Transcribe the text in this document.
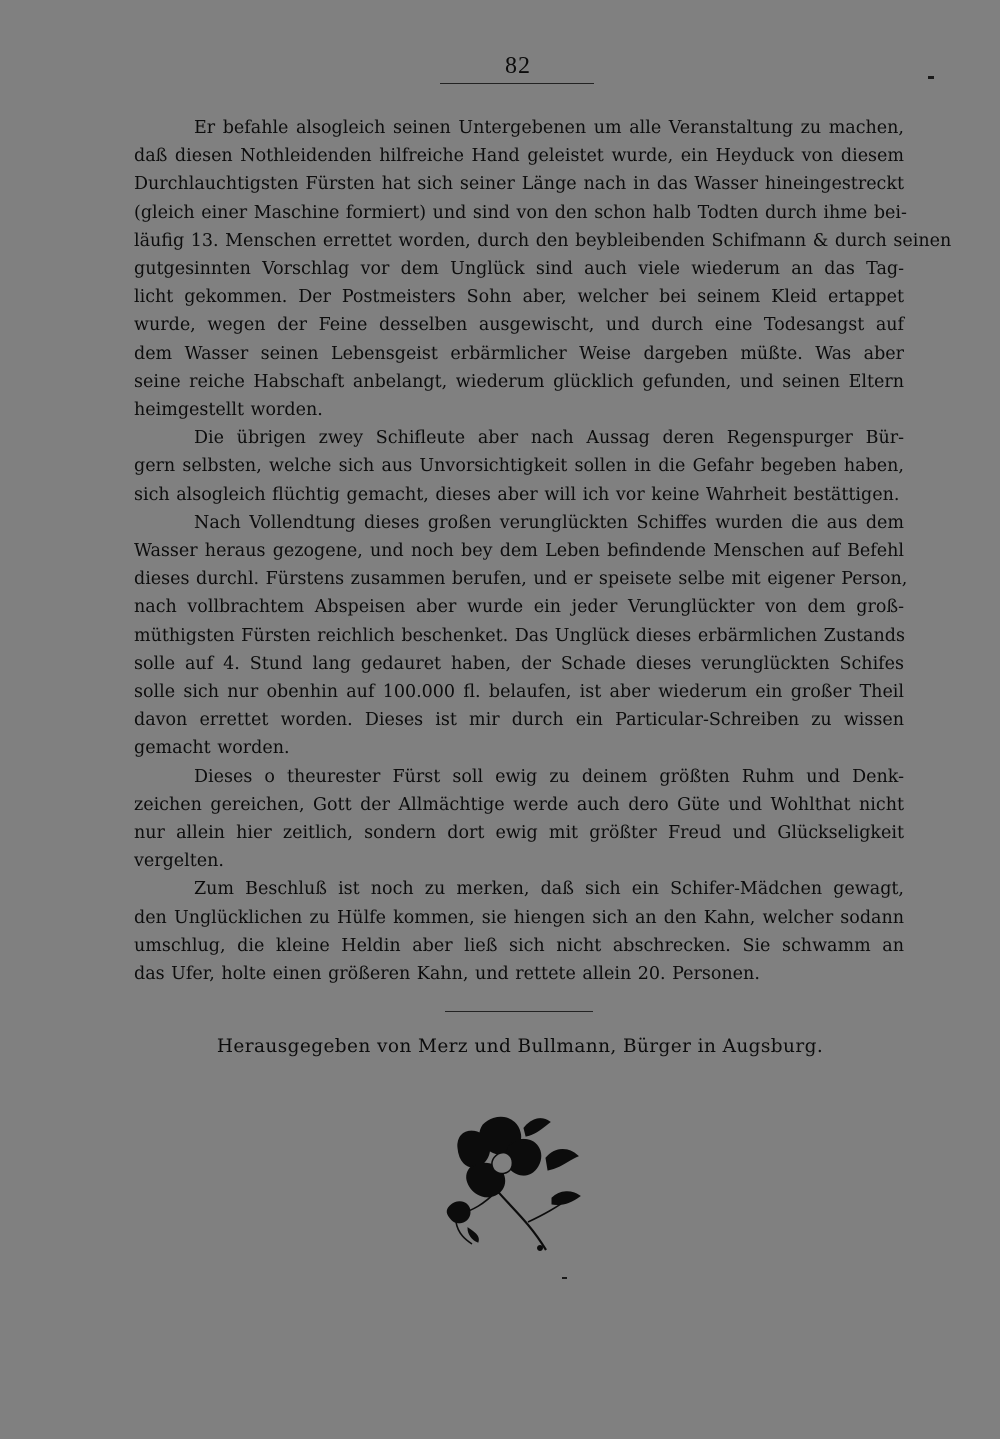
82
Er befahle alsogleich seinen Untergebenen um alle Veranstaltung zu machen,
daß diesen Nothleidenden hilfreiche Hand geleistet wurde, ein Heyduck von diesem
Durchlauchtigsten Fürsten hat sich seiner Länge nach in das Wasser hineingestreckt
(gleich einer Maschine formiert) und sind von den schon halb Todten durch ihme bei-
läufig 13. Menschen errettet worden, durch den beybleibenden Schifmann & durch seinen
gutgesinnten Vorschlag vor dem Unglück sind auch viele wiederum an das Tag-
licht gekommen. Der Postmeisters Sohn aber, welcher bei seinem Kleid ertappet
wurde, wegen der Feine desselben ausgewischt, und durch eine Todesangst auf
dem Wasser seinen Lebensgeist erbärmlicher Weise dargeben müßte. Was aber
seine reiche Habschaft anbelangt, wiederum glücklich gefunden, und seinen Eltern
heimgestellt worden.
Die übrigen zwey Schifleute aber nach Aussag deren Regenspurger Bür-
gern selbsten, welche sich aus Unvorsichtigkeit sollen in die Gefahr begeben haben,
sich alsogleich flüchtig gemacht, dieses aber will ich vor keine Wahrheit bestättigen.
Nach Vollendtung dieses großen verunglückten Schiffes wurden die aus dem
Wasser heraus gezogene, und noch bey dem Leben befindende Menschen auf Befehl
dieses durchl. Fürstens zusammen berufen, und er speisete selbe mit eigener Person,
nach vollbrachtem Abspeisen aber wurde ein jeder Verunglückter von dem groß-
müthigsten Fürsten reichlich beschenket. Das Unglück dieses erbärmlichen Zustands
solle auf 4. Stund lang gedauret haben, der Schade dieses verunglückten Schifes
solle sich nur obenhin auf 100.000 fl. belaufen, ist aber wiederum ein großer Theil
davon errettet worden. Dieses ist mir durch ein Particular-Schreiben zu wissen
gemacht worden.
Dieses o theurester Fürst soll ewig zu deinem größten Ruhm und Denk-
zeichen gereichen, Gott der Allmächtige werde auch dero Güte und Wohlthat nicht
nur allein hier zeitlich, sondern dort ewig mit größter Freud und Glückseligkeit
vergelten.
Zum Beschluß ist noch zu merken, daß sich ein Schifer-Mädchen gewagt,
den Unglücklichen zu Hülfe kommen, sie hiengen sich an den Kahn, welcher sodann
umschlug, die kleine Heldin aber ließ sich nicht abschrecken. Sie schwamm an
das Ufer, holte einen größeren Kahn, und rettete allein 20. Personen.
Herausgegeben von Merz und Bullmann, Bürger in Augsburg.
